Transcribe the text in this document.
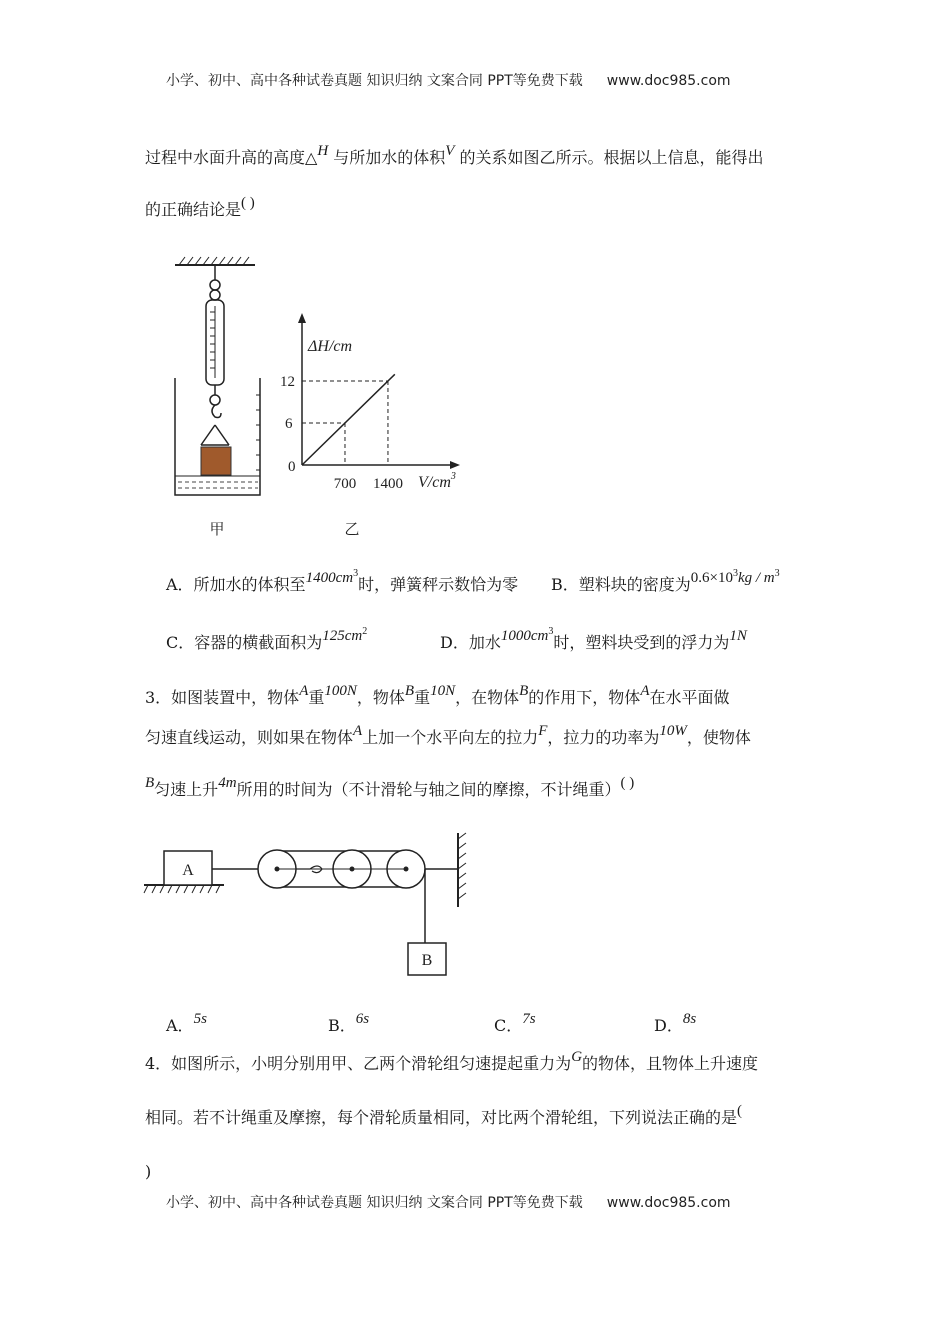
小学、初中、高中各种试卷真题 知识归纳 文案合同 PPT等免费下载 www.doc985.com
过程中水面升高的高度△H 与所加水的体积V 的关系如图乙所示。根据以上信息，能得出
的正确结论是( )
甲
ΔH/cm
$V/cm^3$
0
6
12
700 1400
乙
A．所加水的体积至$1400cm^3$时，弹簧秤示数恰为零 B．塑料块的密度为$0.6\times 10^3kg / m^3$
C．容器的横截面积为$125cm^2$
D．加水$1000cm^3$时，塑料块受到的浮力为1N
3．如图装置中，物体A重100N，物体B重10N，在物体B的作用下，物体A在水平面做
匀速直线运动，则如果在物体A上加一个水平向左的拉力F，拉力的功率为10W，使物体
B匀速上升4m所用的时间为（不计滑轮与轴之间的摩擦，不计绳重）( )
A
B
A．5s	B．6s	C．7s	D．8s
4．如图所示，小明分别用甲、乙两个滑轮组匀速提起重力为G的物体，且物体上升速度
相同。若不计绳重及摩擦，每个滑轮质量相同，对比两个滑轮组，下列说法正确的是(
)
小学、初中、高中各种试卷真题 知识归纳 文案合同 PPT等免费下载 www.doc985.com
